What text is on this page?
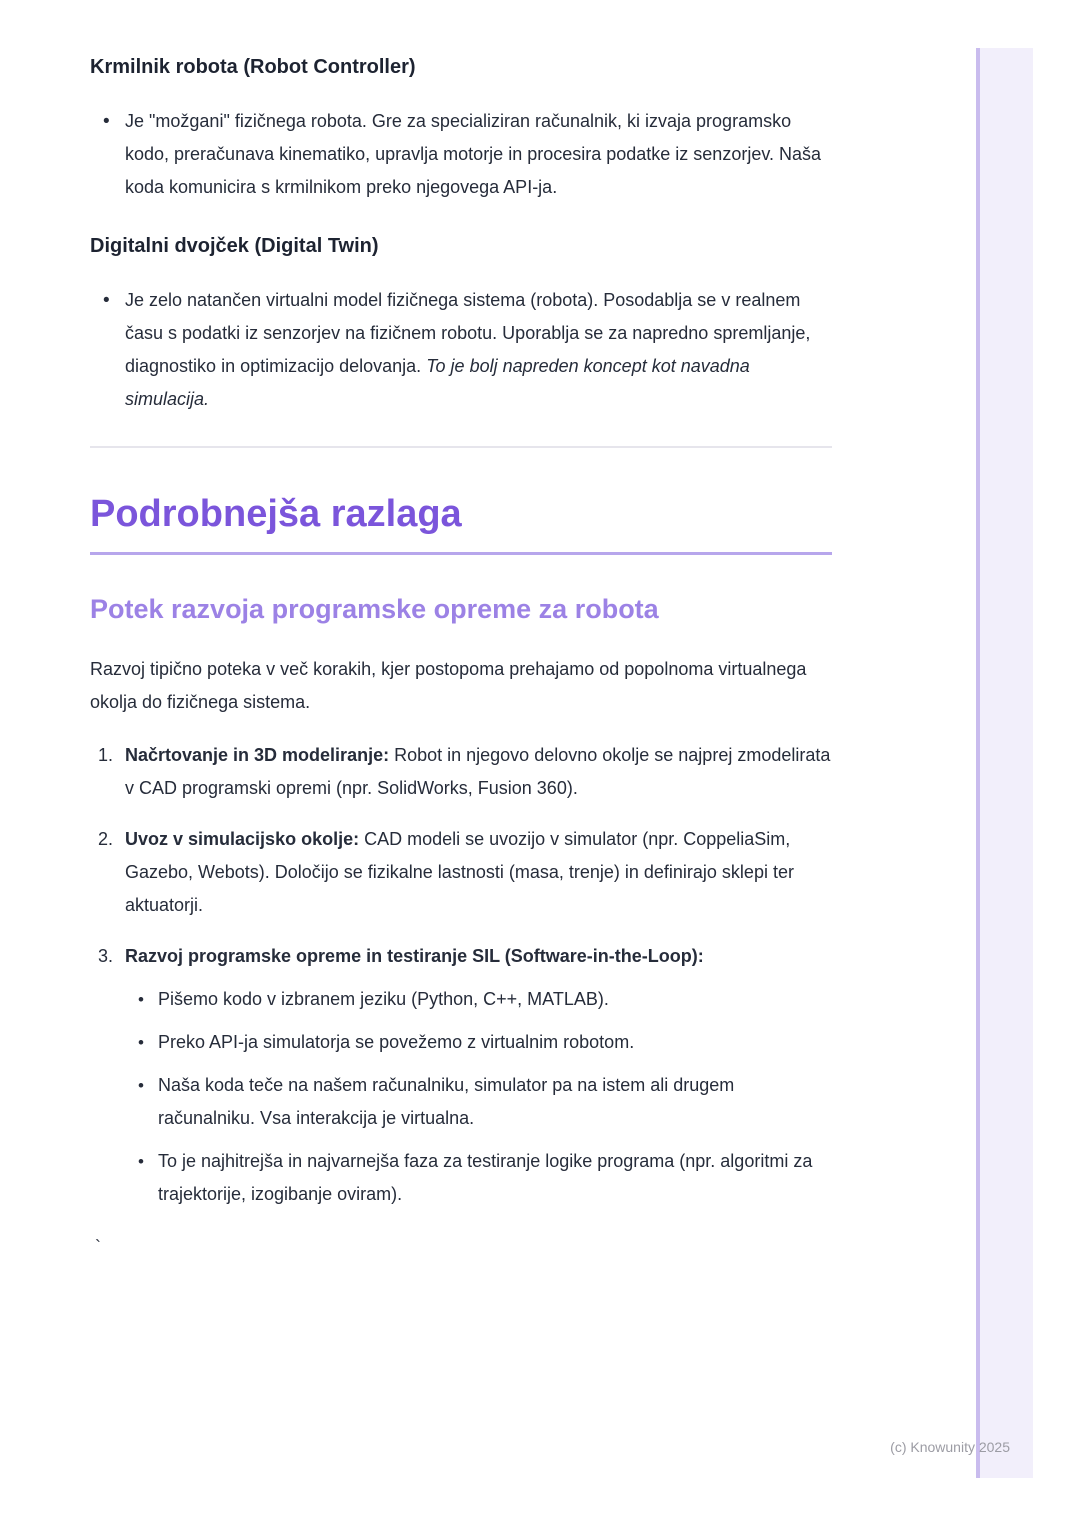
Krmilnik robota (Robot Controller)
• Je "možgani" fizičnega robota. Gre za specializiran računalnik, ki izvaja programsko kodo, preračunava kinematiko, upravlja motorje in procesira podatke iz senzorjev. Naša koda komunicira s krmilnikom preko njegovega API-ja.
Digitalni dvojček (Digital Twin)
• Je zelo natančen virtualni model fizičnega sistema (robota). Posodablja se v realnem času s podatki iz senzorjev na fizičnem robotu. Uporablja se za napredno spremljanje, diagnostiko in optimizacijo delovanja. To je bolj napreden koncept kot navadna simulacija.
Podrobnejša razlaga
Potek razvoja programske opreme za robota

Razvoj tipično poteka v več korakih, kjer postopoma prehajamo od popolnoma virtualnega okolja do fizičnega sistema.

1. Načrtovanje in 3D modeliranje: Robot in njegovo delovno okolje se najprej zmodelirata v CAD programski opremi (npr. SolidWorks, Fusion 360).
2. Uvoz v simulacijsko okolje: CAD modeli se uvozijo v simulator (npr. CoppeliaSim, Gazebo, Webots). Določijo se fizikalne lastnosti (masa, trenje) in definirajo sklepi ter aktuatorji.
3. Razvoj programske opreme in testiranje SIL (Software-in-the-Loop):
• Pišemo kodo v izbranem jeziku (Python, C++, MATLAB).
• Preko API-ja simulatorja se povežemo z virtualnim robotom.
• Naša koda teče na našem računalniku, simulator pa na istem ali drugem računalniku. Vsa interakcija je virtualna.
• To je najhitrejša in najvarnejša faza za testiranje logike programa (npr. algoritmi za trajektorije, izogibanje oviram).
`
(c) Knowunity 2025
